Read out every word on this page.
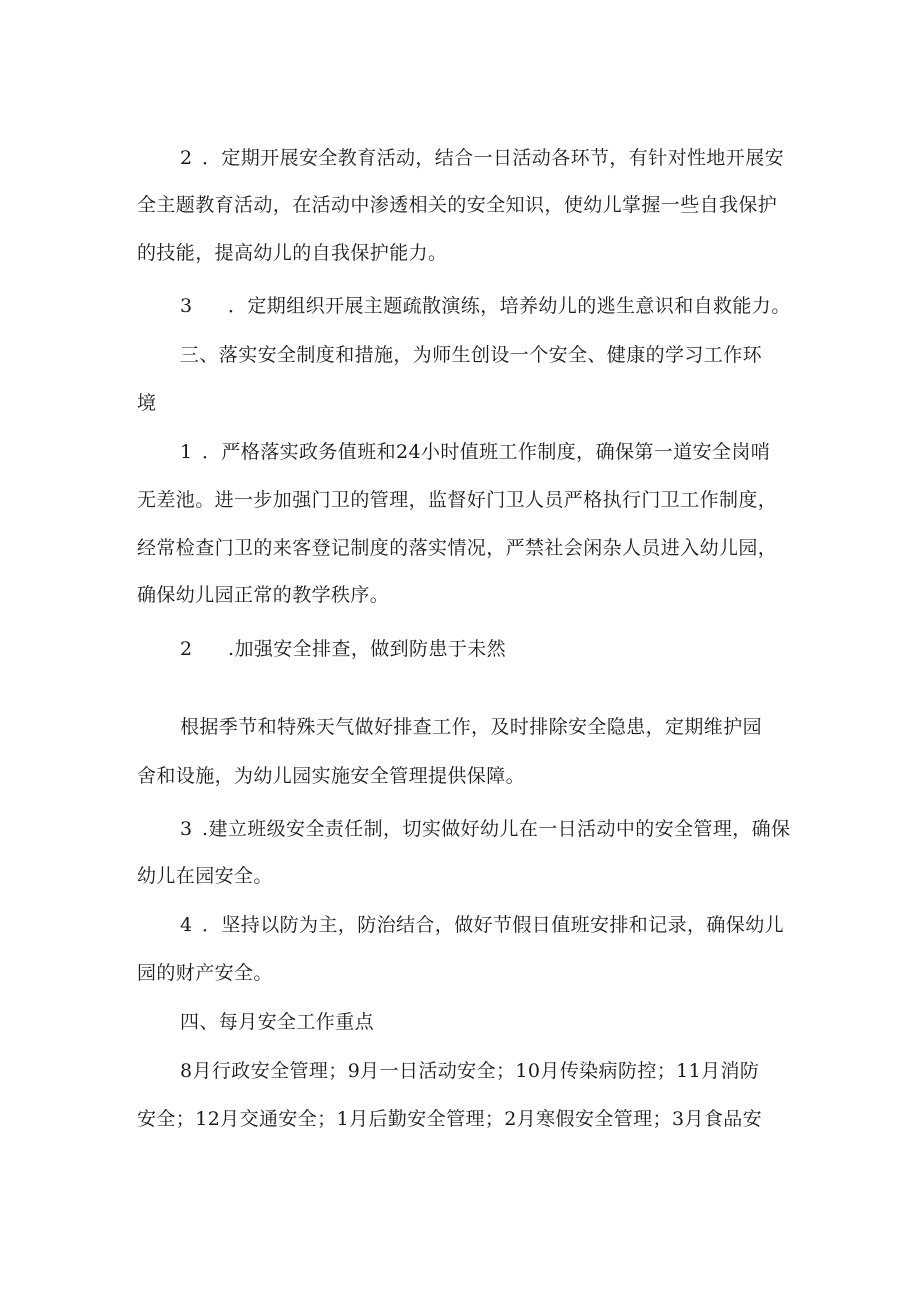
2 ．定期开展安全教育活动，结合一日活动各环节，有针对性地开展安
全主题教育活动，在活动中渗透相关的安全知识，使幼儿掌握一些自我保护
的技能，提高幼儿的自我保护能力。
3 ．定期组织开展主题疏散演练，培养幼儿的逃生意识和自救能力。
三、落实安全制度和措施，为师生创设一个安全、健康的学习工作环
境
1 ．严格落实政务值班和24小时值班工作制度，确保第一道安全岗哨
无差池。进一步加强门卫的管理，监督好门卫人员严格执行门卫工作制度，
经常检查门卫的来客登记制度的落实情况，严禁社会闲杂人员进入幼儿园，
确保幼儿园正常的教学秩序。
2 .加强安全排查，做到防患于未然
根据季节和特殊天气做好排查工作，及时排除安全隐患，定期维护园
舍和设施，为幼儿园实施安全管理提供保障。
3 .建立班级安全责任制，切实做好幼儿在一日活动中的安全管理，确保
幼儿在园安全。
4 ．坚持以防为主，防治结合，做好节假日值班安排和记录，确保幼儿
园的财产安全。
四、每月安全工作重点
8月行政安全管理；9月一日活动安全；10月传染病防控；11月消防
安全；12月交通安全；1月后勤安全管理；2月寒假安全管理；3月食品安
